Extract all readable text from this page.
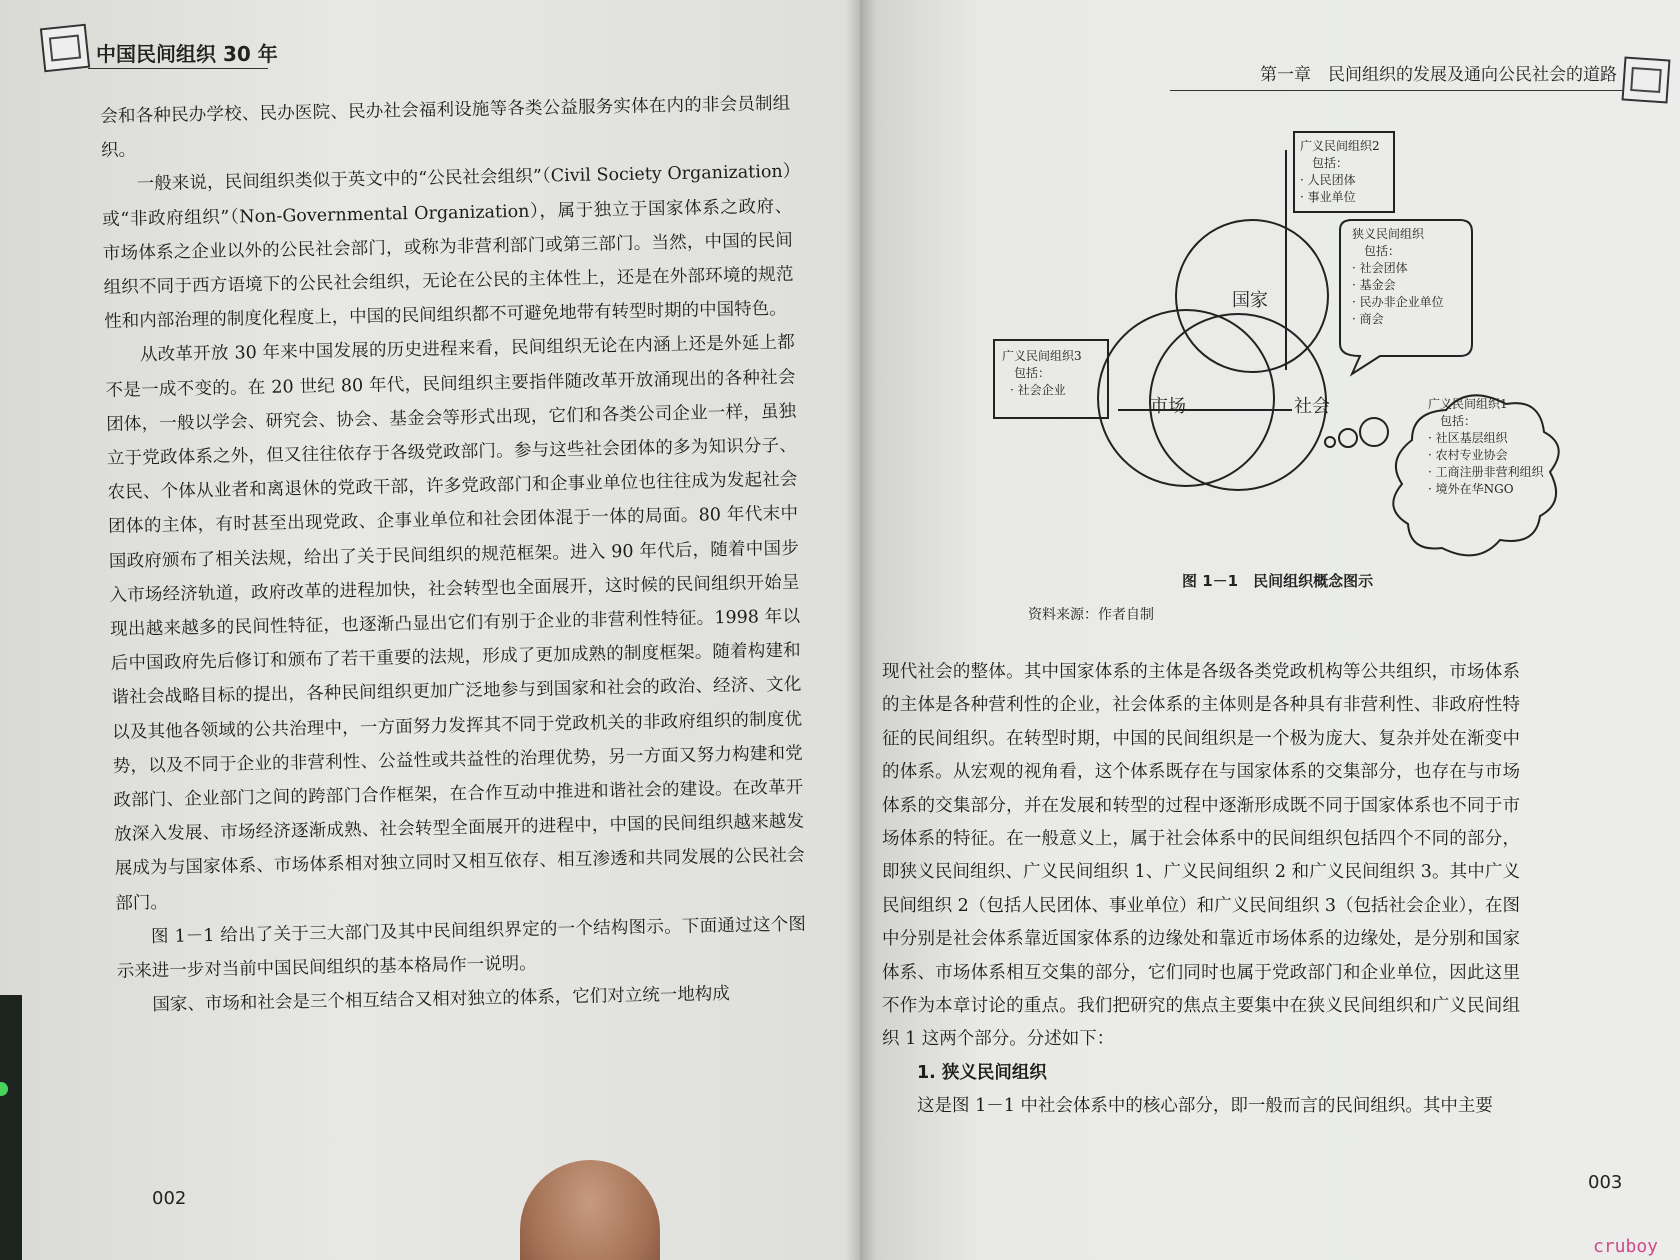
中国民间组织 30 年

会和各种民办学校、民办医院、民办社会福利设施等各类公益服务实体在内的非会员制组织。

一般来说，民间组织类似于英文中的“公民社会组织”（Civil Society Organization）或“非政府组织”（Non-Governmental Organization），属于独立于国家体系之政府、市场体系之企业以外的公民社会部门，或称为非营利部门或第三部门。当然，中国的民间组织不同于西方语境下的公民社会组织，无论在公民的主体性上，还是在外部环境的规范性和内部治理的制度化程度上，中国的民间组织都不可避免地带有转型时期的中国特色。

从改革开放 30 年来中国发展的历史进程来看，民间组织无论在内涵上还是外延上都不是一成不变的。在 20 世纪 80 年代，民间组织主要指伴随改革开放涌现出的各种社会团体，一般以学会、研究会、协会、基金会等形式出现，它们和各类公司企业一样，虽独立于党政体系之外，但又往往依存于各级党政部门。参与这些社会团体的多为知识分子、农民、个体从业者和离退休的党政干部，许多党政部门和企事业单位也往往成为发起社会团体的主体，有时甚至出现党政、企事业单位和社会团体混于一体的局面。80 年代末中国政府颁布了相关法规，给出了关于民间组织的规范框架。进入 90 年代后，随着中国步入市场经济轨道，政府改革的进程加快，社会转型也全面展开，这时候的民间组织开始呈现出越来越多的民间性特征，也逐渐凸显出它们有别于企业的非营利性特征。1998 年以后中国政府先后修订和颁布了若干重要的法规，形成了更加成熟的制度框架。随着构建和谐社会战略目标的提出，各种民间组织更加广泛地参与到国家和社会的政治、经济、文化以及其他各领域的公共治理中，一方面努力发挥其不同于党政机关的非政府组织的制度优势，以及不同于企业的非营利性、公益性或共益性的治理优势，另一方面又努力构建和党政部门、企业部门之间的跨部门合作框架，在合作互动中推进和谐社会的建设。在改革开放深入发展、市场经济逐渐成熟、社会转型全面展开的进程中，中国的民间组织越来越发展成为与国家体系、市场体系相对独立同时又相互依存、相互渗透和共同发展的公民社会部门。

图 1－1 给出了关于三大部门及其中民间组织界定的一个结构图示。下面通过这个图示来进一步对当前中国民间组织的基本格局作一说明。

国家、市场和社会是三个相互结合又相对独立的体系，它们对立统一地构成

002
第一章　民间组织的发展及通向公民社会的道路
国家
市场	社会
广义民间组织2
包括：
· 人民团体
· 事业单位
狭义民间组织
包括：
· 社会团体
· 基金会
· 民办非企业单位
· 商会
广义民间组织3
包括：
· 社会企业
广义民间组织1
包括：
· 社区基层组织
· 农村专业协会
· 工商注册非营利组织
· 境外在华NGO
图 1－1　民间组织概念图示
资料来源：作者自制

现代社会的整体。其中国家体系的主体是各级各类党政机构等公共组织，市场体系的主体是各种营利性的企业，社会体系的主体则是各种具有非营利性、非政府性特征的民间组织。在转型时期，中国的民间组织是一个极为庞大、复杂并处在渐变中的体系。从宏观的视角看，这个体系既存在与国家体系的交集部分，也存在与市场体系的交集部分，并在发展和转型的过程中逐渐形成既不同于国家体系也不同于市场体系的特征。在一般意义上，属于社会体系中的民间组织包括四个不同的部分，即狭义民间组织、广义民间组织 1、广义民间组织 2 和广义民间组织 3。其中广义民间组织 2（包括人民团体、事业单位）和广义民间组织 3（包括社会企业），在图中分别是社会体系靠近国家体系的边缘处和靠近市场体系的边缘处，是分别和国家体系、市场体系相互交集的部分，它们同时也属于党政部门和企业单位，因此这里不作为本章讨论的重点。我们把研究的焦点主要集中在狭义民间组织和广义民间组织 1 这两个部分。分述如下：

1. 狭义民间组织

这是图 1－1 中社会体系中的核心部分，即一般而言的民间组织。其中主要

003
cruboy
